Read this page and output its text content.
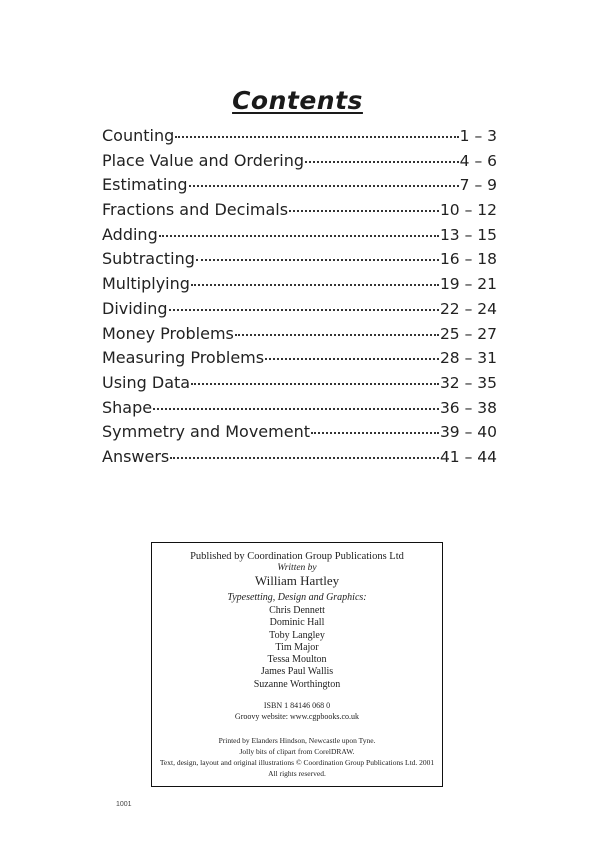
Contents
Counting	1 – 3
Place Value and Ordering	4 – 6
Estimating	7 – 9
Fractions and Decimals	10 – 12
Adding	13 – 15
Subtracting	16 – 18
Multiplying	19 – 21
Dividing	22 – 24
Money Problems	25 – 27
Measuring Problems	28 – 31
Using Data	32 – 35
Shape	36 – 38
Symmetry and Movement	39 – 40
Answers	41 – 44

Published by Coordination Group Publications Ltd

Written by

William Hartley

Typesetting, Design and Graphics:

Chris Dennett
Dominic Hall
Toby Langley
Tim Major
Tessa Moulton
James Paul Wallis
Suzanne Worthington

ISBN 1 84146 068 0

Groovy website: www.cgpbooks.co.uk

Printed by Elanders Hindson, Newcastle upon Tyne.

Jolly bits of clipart from CorelDRAW.

Text, design, layout and original illustrations © Coordination Group Publications Ltd. 2001

All rights reserved.

1001
